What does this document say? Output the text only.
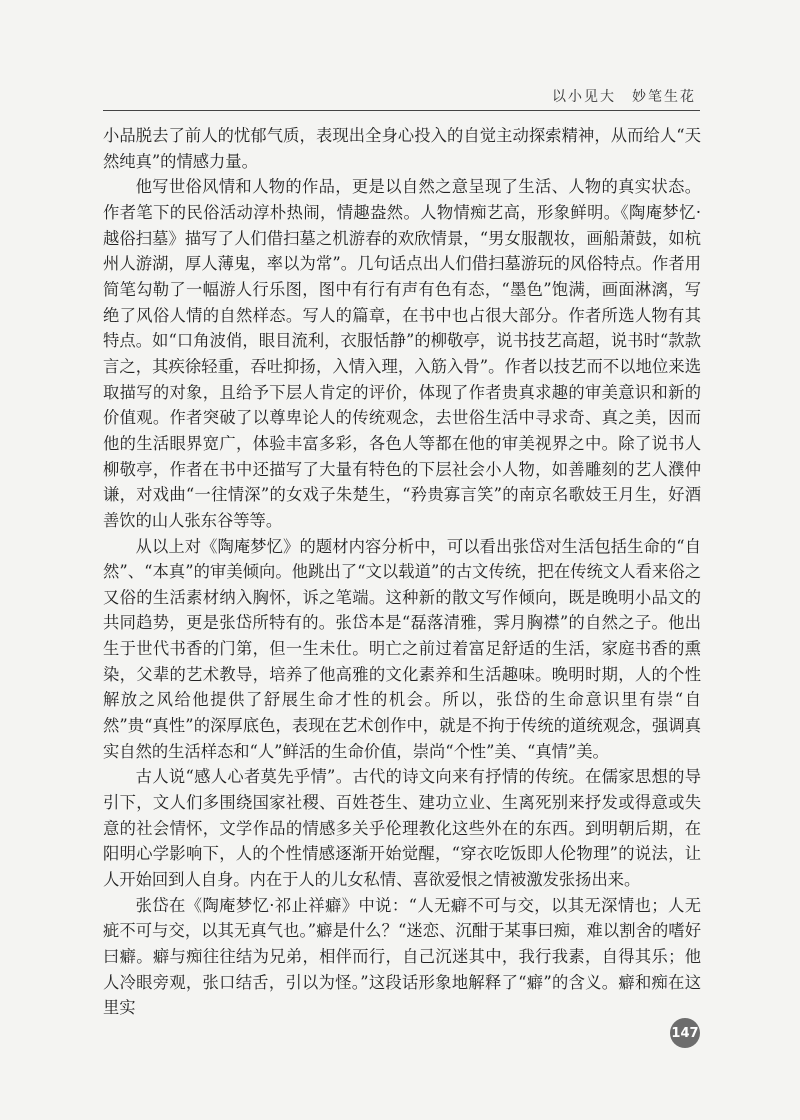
以小见大　妙笔生花

小品脱去了前人的忧郁气质，表现出全身心投入的自觉主动探索精神，从而给人“天然纯真”的情感力量。

他写世俗风情和人物的作品，更是以自然之意呈现了生活、人物的真实状态。作者笔下的民俗活动淳朴热闹，情趣盎然。人物情痴艺高，形象鲜明。《陶庵梦忆·越俗扫墓》描写了人们借扫墓之机游春的欢欣情景，“男女服靓妆，画船萧鼓，如杭州人游湖，厚人薄鬼，率以为常”。几句话点出人们借扫墓游玩的风俗特点。作者用简笔勾勒了一幅游人行乐图，图中有行有声有色有态，“墨色”饱满，画面淋漓，写绝了风俗人情的自然样态。写人的篇章，在书中也占很大部分。作者所选人物有其特点。如“口角波俏，眼目流利，衣服恬静”的柳敬亭，说书技艺高超，说书时“款款言之，其疾徐轻重，吞吐抑扬，入情入理，入筋入骨”。作者以技艺而不以地位来选取描写的对象，且给予下层人肯定的评价，体现了作者贵真求趣的审美意识和新的价值观。作者突破了以尊卑论人的传统观念，去世俗生活中寻求奇、真之美，因而他的生活眼界宽广，体验丰富多彩，各色人等都在他的审美视界之中。除了说书人柳敬亭，作者在书中还描写了大量有特色的下层社会小人物，如善雕刻的艺人濮仲谦，对戏曲“一往情深”的女戏子朱楚生，“矜贵寡言笑”的南京名歌妓王月生，好酒善饮的山人张东谷等等。

从以上对《陶庵梦忆》的题材内容分析中，可以看出张岱对生活包括生命的“自然”、“本真”的审美倾向。他跳出了“文以载道”的古文传统，把在传统文人看来俗之又俗的生活素材纳入胸怀，诉之笔端。这种新的散文写作倾向，既是晚明小品文的共同趋势，更是张岱所特有的。张岱本是“磊落清雅，霁月胸襟”的自然之子。他出生于世代书香的门第，但一生未仕。明亡之前过着富足舒适的生活，家庭书香的熏染，父辈的艺术教导，培养了他高雅的文化素养和生活趣味。晚明时期，人的个性解放之风给他提供了舒展生命才性的机会。所以，张岱的生命意识里有崇“自然”贵“真性”的深厚底色，表现在艺术创作中，就是不拘于传统的道统观念，强调真实自然的生活样态和“人”鲜活的生命价值，崇尚“个性”美、“真情”美。

古人说“感人心者莫先乎情”。古代的诗文向来有抒情的传统。在儒家思想的导引下，文人们多围绕国家社稷、百姓苍生、建功立业、生离死别来抒发或得意或失意的社会情怀，文学作品的情感多关乎伦理教化这些外在的东西。到明朝后期，在阳明心学影响下，人的个性情感逐渐开始觉醒，“穿衣吃饭即人伦物理”的说法，让人开始回到人自身。内在于人的儿女私情、喜欲爱恨之情被激发张扬出来。

张岱在《陶庵梦忆·祁止祥癖》中说：“人无癖不可与交，以其无深情也；人无疵不可与交，以其无真气也。”癖是什么？“迷恋、沉酣于某事曰痴，难以割舍的嗜好曰癖。癖与痴往往结为兄弟，相伴而行，自己沉迷其中，我行我素，自得其乐；他人冷眼旁观，张口结舌，引以为怪。”这段话形象地解释了“癖”的含义。癖和痴在这里实

147
